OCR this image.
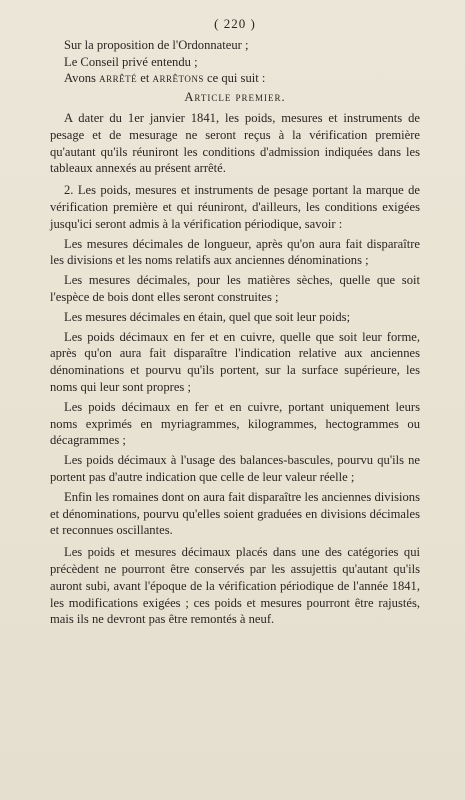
( 220 )

Sur la proposition de l'Ordonnateur ;

Le Conseil privé entendu ;

Avons arrêté et arrêtons ce qui suit :

Article premier.

A dater du 1er janvier 1841, les poids, mesures et instruments de pesage et de mesurage ne seront reçus à la vérification première qu'autant qu'ils réuniront les conditions d'admission indiquées dans les tableaux annexés au présent arrêté.

2. Les poids, mesures et instruments de pesage portant la marque de vérification première et qui réuniront, d'ailleurs, les conditions exigées jusqu'ici seront admis à la vérification périodique, savoir :

Les mesures décimales de longueur, après qu'on aura fait disparaître les divisions et les noms relatifs aux anciennes dénominations ;

Les mesures décimales, pour les matières sèches, quelle que soit l'espèce de bois dont elles seront construites ;

Les mesures décimales en étain, quel que soit leur poids;

Les poids décimaux en fer et en cuivre, quelle que soit leur forme, après qu'on aura fait disparaître l'indication relative aux anciennes dénominations et pourvu qu'ils portent, sur la surface supérieure, les noms qui leur sont propres ;

Les poids décimaux en fer et en cuivre, portant uniquement leurs noms exprimés en myriagrammes, kilogrammes, hectogrammes ou décagrammes ;

Les poids décimaux à l'usage des balances-bascules, pourvu qu'ils ne portent pas d'autre indication que celle de leur valeur réelle ;

Enfin les romaines dont on aura fait disparaître les anciennes divisions et dénominations, pourvu qu'elles soient graduées en divisions décimales et reconnues oscillantes.

Les poids et mesures décimaux placés dans une des catégories qui précèdent ne pourront être conservés par les assujettis qu'autant qu'ils auront subi, avant l'époque de la vérification périodique de l'année 1841, les modifications exigées ; ces poids et mesures pourront être rajustés, mais ils ne devront pas être remontés à neuf.
